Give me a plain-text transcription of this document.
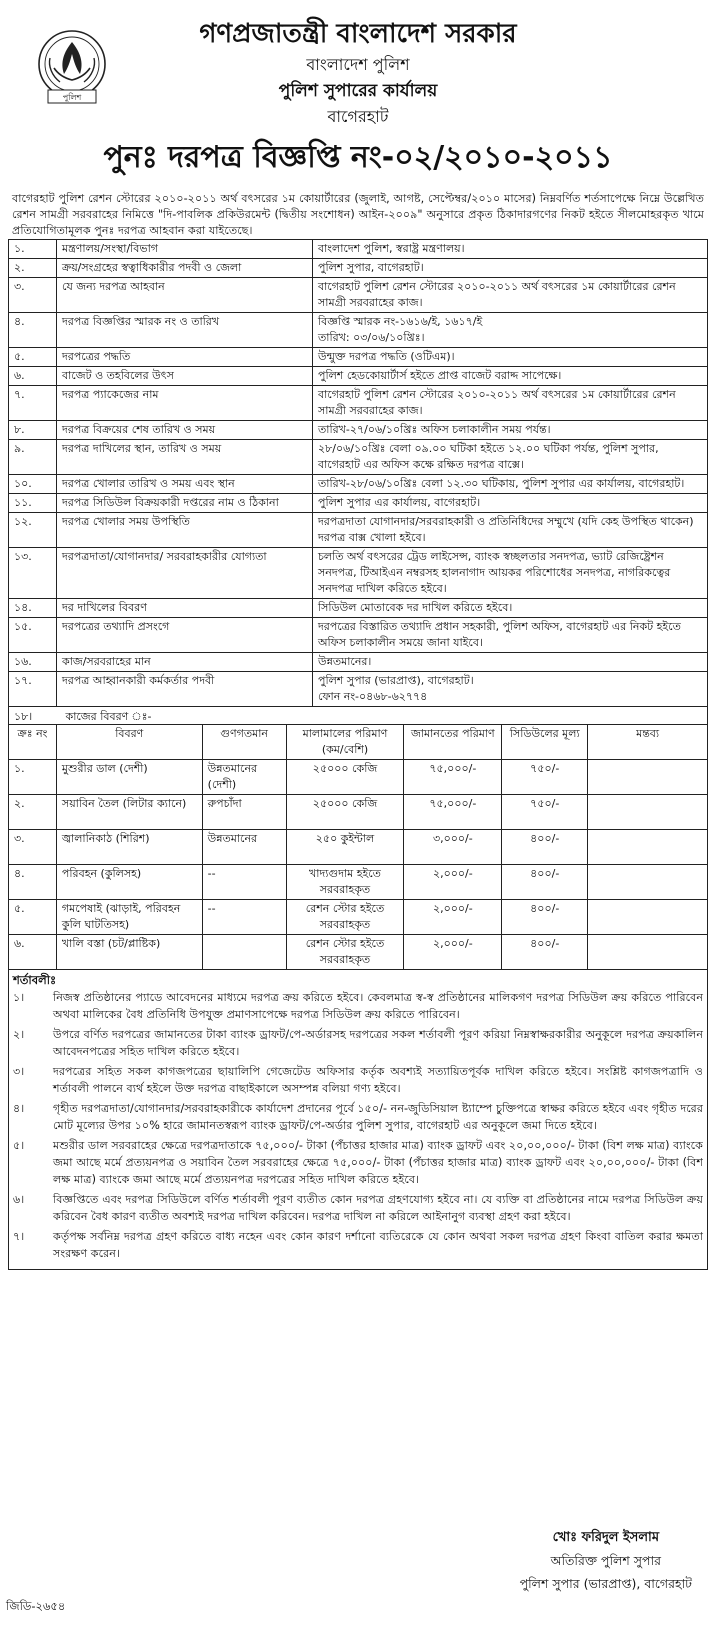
পুলিশ
গণপ্রজাতন্ত্রী বাংলাদেশ সরকার
বাংলাদেশ পুলিশ
পুলিশ সুপারের কার্যালয়
বাগেরহাট
পুনঃ দরপত্র বিজ্ঞপ্তি নং-০২/২০১০-২০১১

বাগেরহাট পুলিশ রেশন স্টোরের ২০১০-২০১১ অর্থ বৎসরের ১ম কোয়ার্টারের (জুলাই, আগষ্ট, সেপ্টেম্বর/২০১০ মাসের) নিম্নবর্ণিত শর্তসাপেক্ষে নিম্নে উল্লেখিত রেশন সামগ্রী সরবরাহের নিমিত্তে "দি-পাবলিক প্রকিউরমেন্ট (দ্বিতীয় সংশোধন) আইন-২০০৯" অনুসারে প্রকৃত ঠিকাদারগণের নিকট হইতে সীলমোহরকৃত খামে প্রতিযোগিতামূলক পুনঃ দরপত্র আহবান করা যাইতেছে।

১.	মন্ত্রণালয়/সংস্থা/বিভাগ	বাংলাদেশ পুলিশ, স্বরাষ্ট্র মন্ত্রণালয়।

২.	ক্রয়/সংগ্রহের স্বত্বাধিকারীর পদবী ও জেলা	পুলিশ সুপার, বাগেরহাট।

৩.	যে জন্য দরপত্র আহবান	বাগেরহাট পুলিশ রেশন স্টোরের ২০১০-২০১১ অর্থ বৎসরের ১ম কোয়ার্টারের রেশন সামগ্রী সরবরাহের কাজ।

৪.	দরপত্র বিজ্ঞপ্তির স্মারক নং ও তারিখ	বিজ্ঞপ্তি স্মারক নং-১৬১৬/ই, ১৬১৭/ই
তারিখ: ০৩/০৬/১০খ্রিঃ।

৫.	দরপত্রের পদ্ধতি	উন্মুক্ত দরপত্র পদ্ধতি (ওটিএম)।

৬.	বাজেট ও তহবিলের উৎস	পুলিশ হেডকোয়ার্টার্স হইতে প্রাপ্ত বাজেট বরাদ্দ সাপেক্ষে।

৭.	দরপত্র প্যাকেজের নাম	বাগেরহাট পুলিশ রেশন স্টোরের ২০১০-২০১১ অর্থ বৎসরের ১ম কোয়ার্টারের রেশন সামগ্রী সরবরাহের কাজ।

৮.	দরপত্র বিক্রয়ের শেষ তারিখ ও সময়	তারিখ-২৭/০৬/১০খ্রিঃ অফিস চলাকালীন সময় পর্যন্ত।

৯.	দরপত্র দাখিলের স্থান, তারিখ ও সময়	২৮/০৬/১০খ্রিঃ বেলা ০৯.০০ ঘটিকা হইতে ১২.০০ ঘটিকা পর্যন্ত, পুলিশ সুপার, বাগেরহাট এর অফিস কক্ষে রক্ষিত দরপত্র বাক্সে।

১০.	দরপত্র খোলার তারিখ ও সময় এবং স্থান	তারিখ-২৮/০৬/১০খ্রিঃ বেলা ১২.৩০ ঘটিকায়, পুলিশ সুপার এর কার্যালয়, বাগেরহাট।

১১.	দরপত্র সিডিউল বিক্রয়কারী দপ্তরের নাম ও ঠিকানা	পুলিশ সুপার এর কার্যালয়, বাগেরহাট।

১২.	দরপত্র খোলার সময় উপস্থিতি	দরপত্রদাতা যোগানদার/সরবরাহকারী ও প্রতিনিধিদের সম্মুখে (যদি কেহ উপস্থিত থাকেন) দরপত্র বাক্স খোলা হইবে।

১৩.	দরপত্রদাতা/যোগানদার/ সরবরাহকারীর যোগ্যতা	চলতি অর্থ বৎসরের ট্রেড লাইসেন্স, ব্যাংক স্বচ্ছলতার সনদপত্র, ভ্যাট রেজিষ্ট্রেশন সনদপত্র, টিআইএন নম্বরসহ হালনাগাদ আয়কর পরিশোধের সনদপত্র, নাগরিকত্বের সনদপত্র দাখিল করিতে হইবে।

১৪.	দর দাখিলের বিবরণ	সিডিউল মোতাবেক দর দাখিল করিতে হইবে।

১৫.	দরপত্রের তথ্যাদি প্রসংগে	দরপত্রের বিস্তারিত তথ্যাদি প্রধান সহকারী, পুলিশ অফিস, বাগেরহাট এর নিকট হইতে অফিস চলাকালীন সময়ে জানা যাইবে।

১৬.	কাজ/সরবরাহের মান	উন্নতমানের।

১৭.	দরপত্র আহ্বানকারী কর্মকর্তার পদবী	পুলিশ সুপার (ভারপ্রাপ্ত), বাগেরহাট।
ফোন নং-০৪৬৮-৬২৭৭৪
১৮।	কাজের বিবরণ ঃ-
ক্রঃ নং	বিবরণ	গুণগতমান	মালামালের পরিমাণ (কম/বেশি)	জামানতের পরিমাণ	সিডিউলের মূল্য	মন্তব্য
১.	মুশুরীর ডাল (দেশী)	উন্নতমানের (দেশী)	২৫০০০ কেজি	৭৫,০০০/-	৭৫০/-	
২.	সয়াবিন তৈল (লিটার ক্যানে)	রুপচাঁদা	২৫০০০ কেজি	৭৫,০০০/-	৭৫০/-	
৩.	জ্বালানিকাঠ (শিরিশ)	উন্নতমানের	২৫০ কুইন্টাল	৩,০০০/-	৪০০/-	
৪.	পরিবহন (কুলিসহ)	--	খাদ্যগুদাম হইতে সরবরাহকৃত	২,০০০/-	৪০০/-	
৫.	গমপেষাই (ঝাড়াই, পরিবহন কুলি ঘাটতিসহ)	--	রেশন স্টোর হইতে সরবরাহকৃত	২,০০০/-	৪০০/-	
৬.	খালি বস্তা (চট/প্লাষ্টিক)		রেশন স্টোর হইতে সরবরাহকৃত	২,০০০/-	৪০০/-	
শর্তাবলীঃ
১।	নিজস্ব প্রতিষ্ঠানের প্যাডে আবেদনের মাধ্যমে দরপত্র ক্রয় করিতে হইবে। কেবলমাত্র স্ব-স্ব প্রতিষ্ঠানের মালিকগণ দরপত্র সিডিউল ক্রয় করিতে পারিবেন অথবা মালিকের বৈধ প্রতিনিধি উপযুক্ত প্রমাণসাপেক্ষে দরপত্র সিডিউল ক্রয় করিতে পারিবেন।
২।	উপরে বর্ণিত দরপত্রের জামানতের টাকা ব্যাংক ড্রাফট/পে-অর্ডারসহ দরপত্রের সকল শর্তাবলী পূরণ করিয়া নিম্নস্বাক্ষরকারীর অনুকূলে দরপত্র ক্রয়কালিন আবেদনপত্রের সহিত দাখিল করিতে হইবে।
৩।	দরপত্রের সহিত সকল কাগজপত্রের ছায়ালিপি গেজেটেড অফিসার কর্তৃক অবশ্যই সত্যায়িতপূর্বক দাখিল করিতে হইবে। সংশ্লিষ্ট কাগজপত্রাদি ও শর্তাবলী পালনে ব্যর্থ হইলে উক্ত দরপত্র বাছাইকালে অসম্পন্ন বলিয়া গণ্য হইবে।
৪।	গৃহীত দরপত্রদাতা/যোগানদার/সরবরাহকারীকে কার্যাদেশ প্রদানের পূর্বে ১৫০/- নন-জুডিসিয়াল ষ্ট্যাম্পে চুক্তিপত্রে স্বাক্ষর করিতে হইবে এবং গৃহীত দরের মোট মূল্যের উপর ১০% হারে জামানতস্বরূপ ব্যাংক ড্রাফট/পে-অর্ডার পুলিশ সুপার, বাগেরহাট এর অনুকূলে জমা দিতে হইবে।
৫।	মশুরীর ডাল সরবরাহের ক্ষেত্রে দরপত্রদাতাকে ৭৫,০০০/- টাকা (পঁচাত্তর হাজার মাত্র) ব্যাংক ড্রাফট এবং ২০,০০,০০০/- টাকা (বিশ লক্ষ মাত্র) ব্যাংকে জমা আছে মর্মে প্রত্যয়নপত্র ও সয়াবিন তৈল সরবরাহের ক্ষেত্রে ৭৫,০০০/- টাকা (পঁচাত্তর হাজার মাত্র) ব্যাংক ড্রাফট এবং ২০,০০,০০০/- টাকা (বিশ লক্ষ মাত্র) ব্যাংকে জমা আছে মর্মে প্রত্যয়নপত্র দরপত্রের সহিত দাখিল করিতে হইবে।
৬।	বিজ্ঞপ্তিতে এবং দরপত্র সিডিউলে বর্ণিত শর্তাবলী পূরণ ব্যতীত কোন দরপত্র গ্রহণযোগ্য হইবে না। যে ব্যক্তি বা প্রতিষ্ঠানের নামে দরপত্র সিডিউল ক্রয় করিবেন বৈধ কারণ ব্যতীত অবশ্যই দরপত্র দাখিল করিবেন। দরপত্র দাখিল না করিলে আইনানুগ ব্যবস্থা গ্রহণ করা হইবে।
৭।	কর্তৃপক্ষ সর্বনিম্ন দরপত্র গ্রহণ করিতে বাধ্য নহেন এবং কোন কারণ দর্শানো ব্যতিরেকে যে কোন অথবা সকল দরপত্র গ্রহণ কিংবা বাতিল করার ক্ষমতা সংরক্ষণ করেন।
খোঃ ফরিদুল ইসলাম
অতিরিক্ত পুলিশ সুপার
পুলিশ সুপার (ভারপ্রাপ্ত), বাগেরহাট
জিডি-২৬৫৪
